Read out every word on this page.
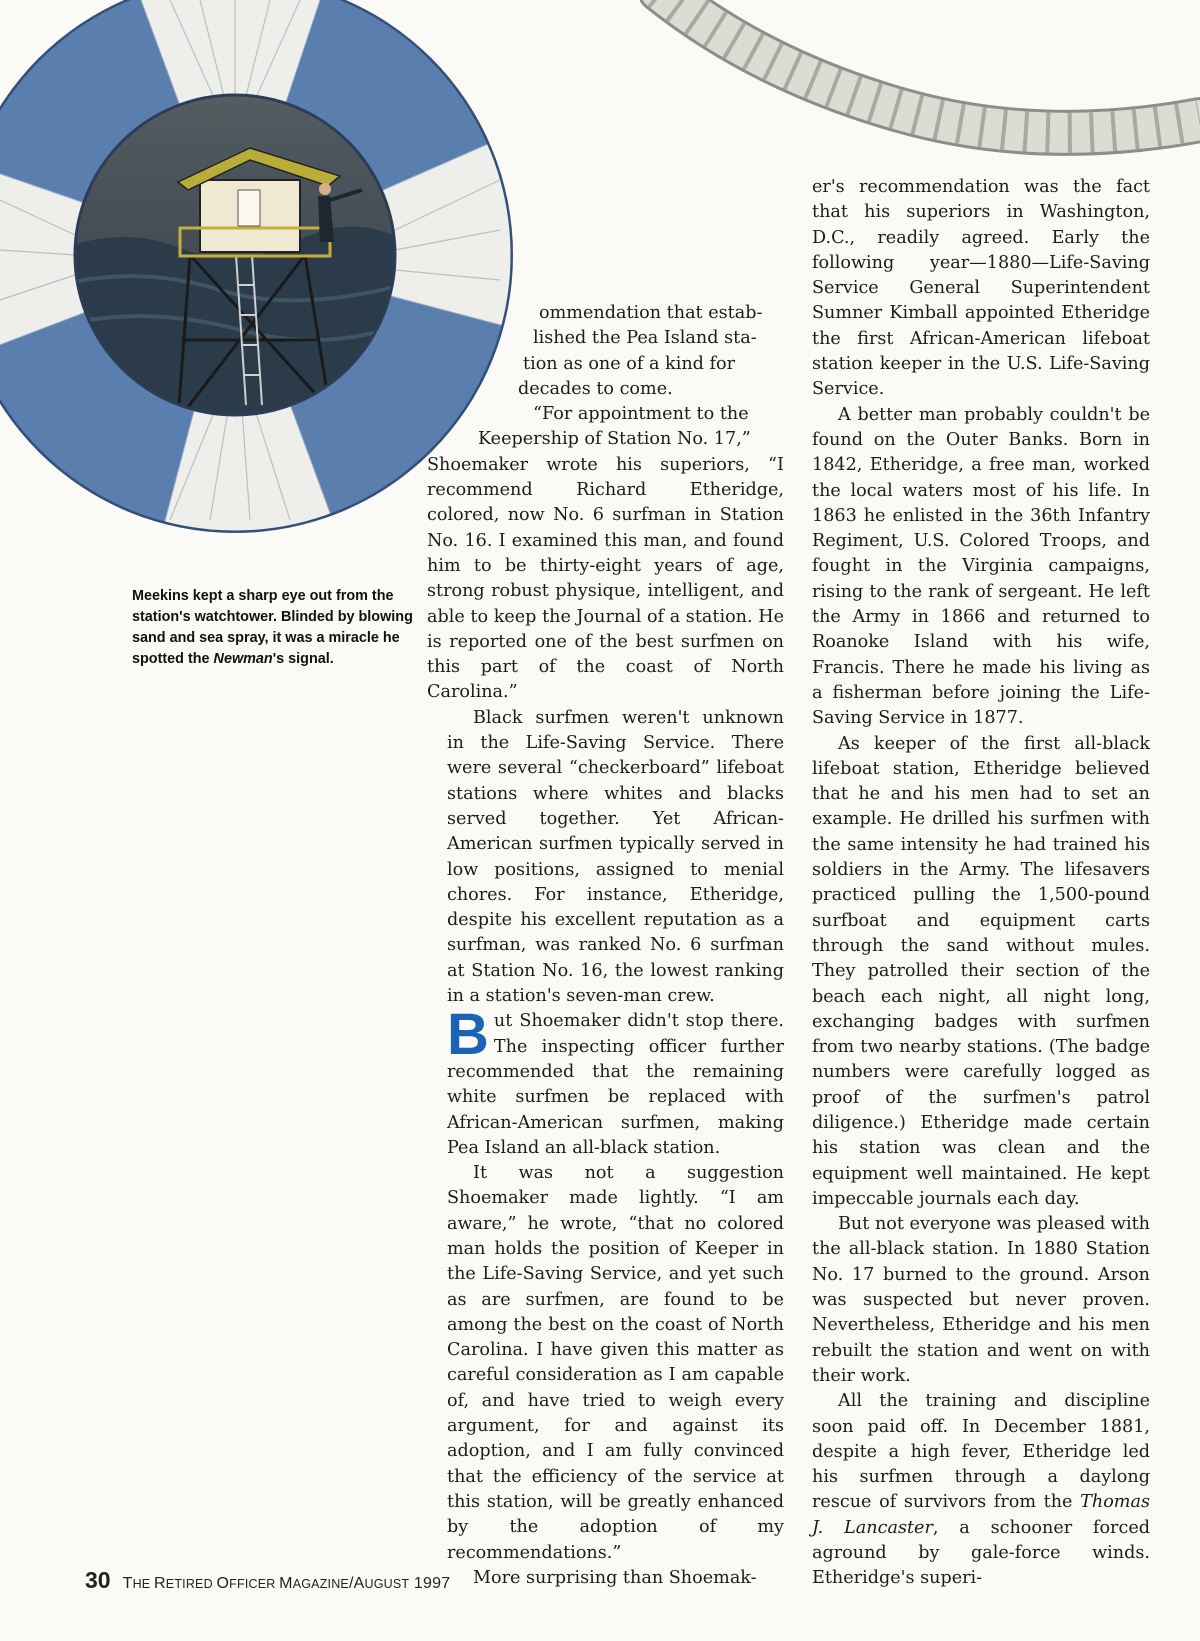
Meekins kept a sharp eye out from the station's watchtower. Blinded by blowing sand and sea spray, it was a miracle he spotted the Newman's signal.
ommendation that estab-
lished the Pea Island sta-
tion as one of a kind for
decades to come.
“For appointment to the
Keepership of Station No. 17,”

Shoemaker wrote his superiors, “I recommend Richard Etheridge, colored, now No. 6 surfman in Station No. 16. I examined this man, and found him to be thirty-eight years of age, strong robust physique, intelligent, and able to keep the Journal of a station. He is reported one of the best surfmen on this part of the coast of North Carolina.”

Black surfmen weren't unknown in the Life-Saving Service. There were several “checkerboard” lifeboat stations where whites and blacks served together. Yet African-American surfmen typically served in low positions, assigned to menial chores. For instance, Etheridge, despite his excellent reputation as a surfman, was ranked No. 6 surfman at Station No. 16, the lowest ranking in a station's seven-man crew.

But Shoemaker didn't stop there. The inspecting officer further recommended that the remaining white surfmen be replaced with African-American surfmen, making Pea Island an all-black station.

It was not a suggestion Shoemaker made lightly. “I am aware,” he wrote, “that no colored man holds the position of Keeper in the Life-Saving Service, and yet such as are surfmen, are found to be among the best on the coast of North Carolina. I have given this matter as careful consideration as I am capable of, and have tried to weigh every argument, for and against its adoption, and I am fully convinced that the efficiency of the service at this station, will be greatly enhanced by the adoption of my recommendations.”

More surprising than Shoemak-

er's recommendation was the fact that his superiors in Washington, D.C., readily agreed. Early the following year—1880—Life-Saving Service General Superintendent Sumner Kimball appointed Etheridge the first African-American lifeboat station keeper in the U.S. Life-Saving Service.

A better man probably couldn't be found on the Outer Banks. Born in 1842, Etheridge, a free man, worked the local waters most of his life. In 1863 he enlisted in the 36th Infantry Regiment, U.S. Colored Troops, and fought in the Virginia campaigns, rising to the rank of sergeant. He left the Army in 1866 and returned to Roanoke Island with his wife, Francis. There he made his living as a fisherman before joining the Life-Saving Service in 1877.

As keeper of the first all-black lifeboat station, Etheridge believed that he and his men had to set an example. He drilled his surfmen with the same intensity he had trained his soldiers in the Army. The lifesavers practiced pulling the 1,500-pound surfboat and equipment carts through the sand without mules. They patrolled their section of the beach each night, all night long, exchanging badges with surfmen from two nearby stations. (The badge numbers were carefully logged as proof of the surfmen's patrol diligence.) Etheridge made certain his station was clean and the equipment well maintained. He kept impeccable journals each day.

But not everyone was pleased with the all-black station. In 1880 Station No. 17 burned to the ground. Arson was suspected but never proven. Nevertheless, Etheridge and his men rebuilt the station and went on with their work.

All the training and discipline soon paid off. In December 1881, despite a high fever, Etheridge led his surfmen through a daylong rescue of survivors from the Thomas J. Lancaster, a schooner forced aground by gale-force winds. Etheridge's superi-

30 THE RETIRED OFFICER MAGAZINE/AUGUST 1997
